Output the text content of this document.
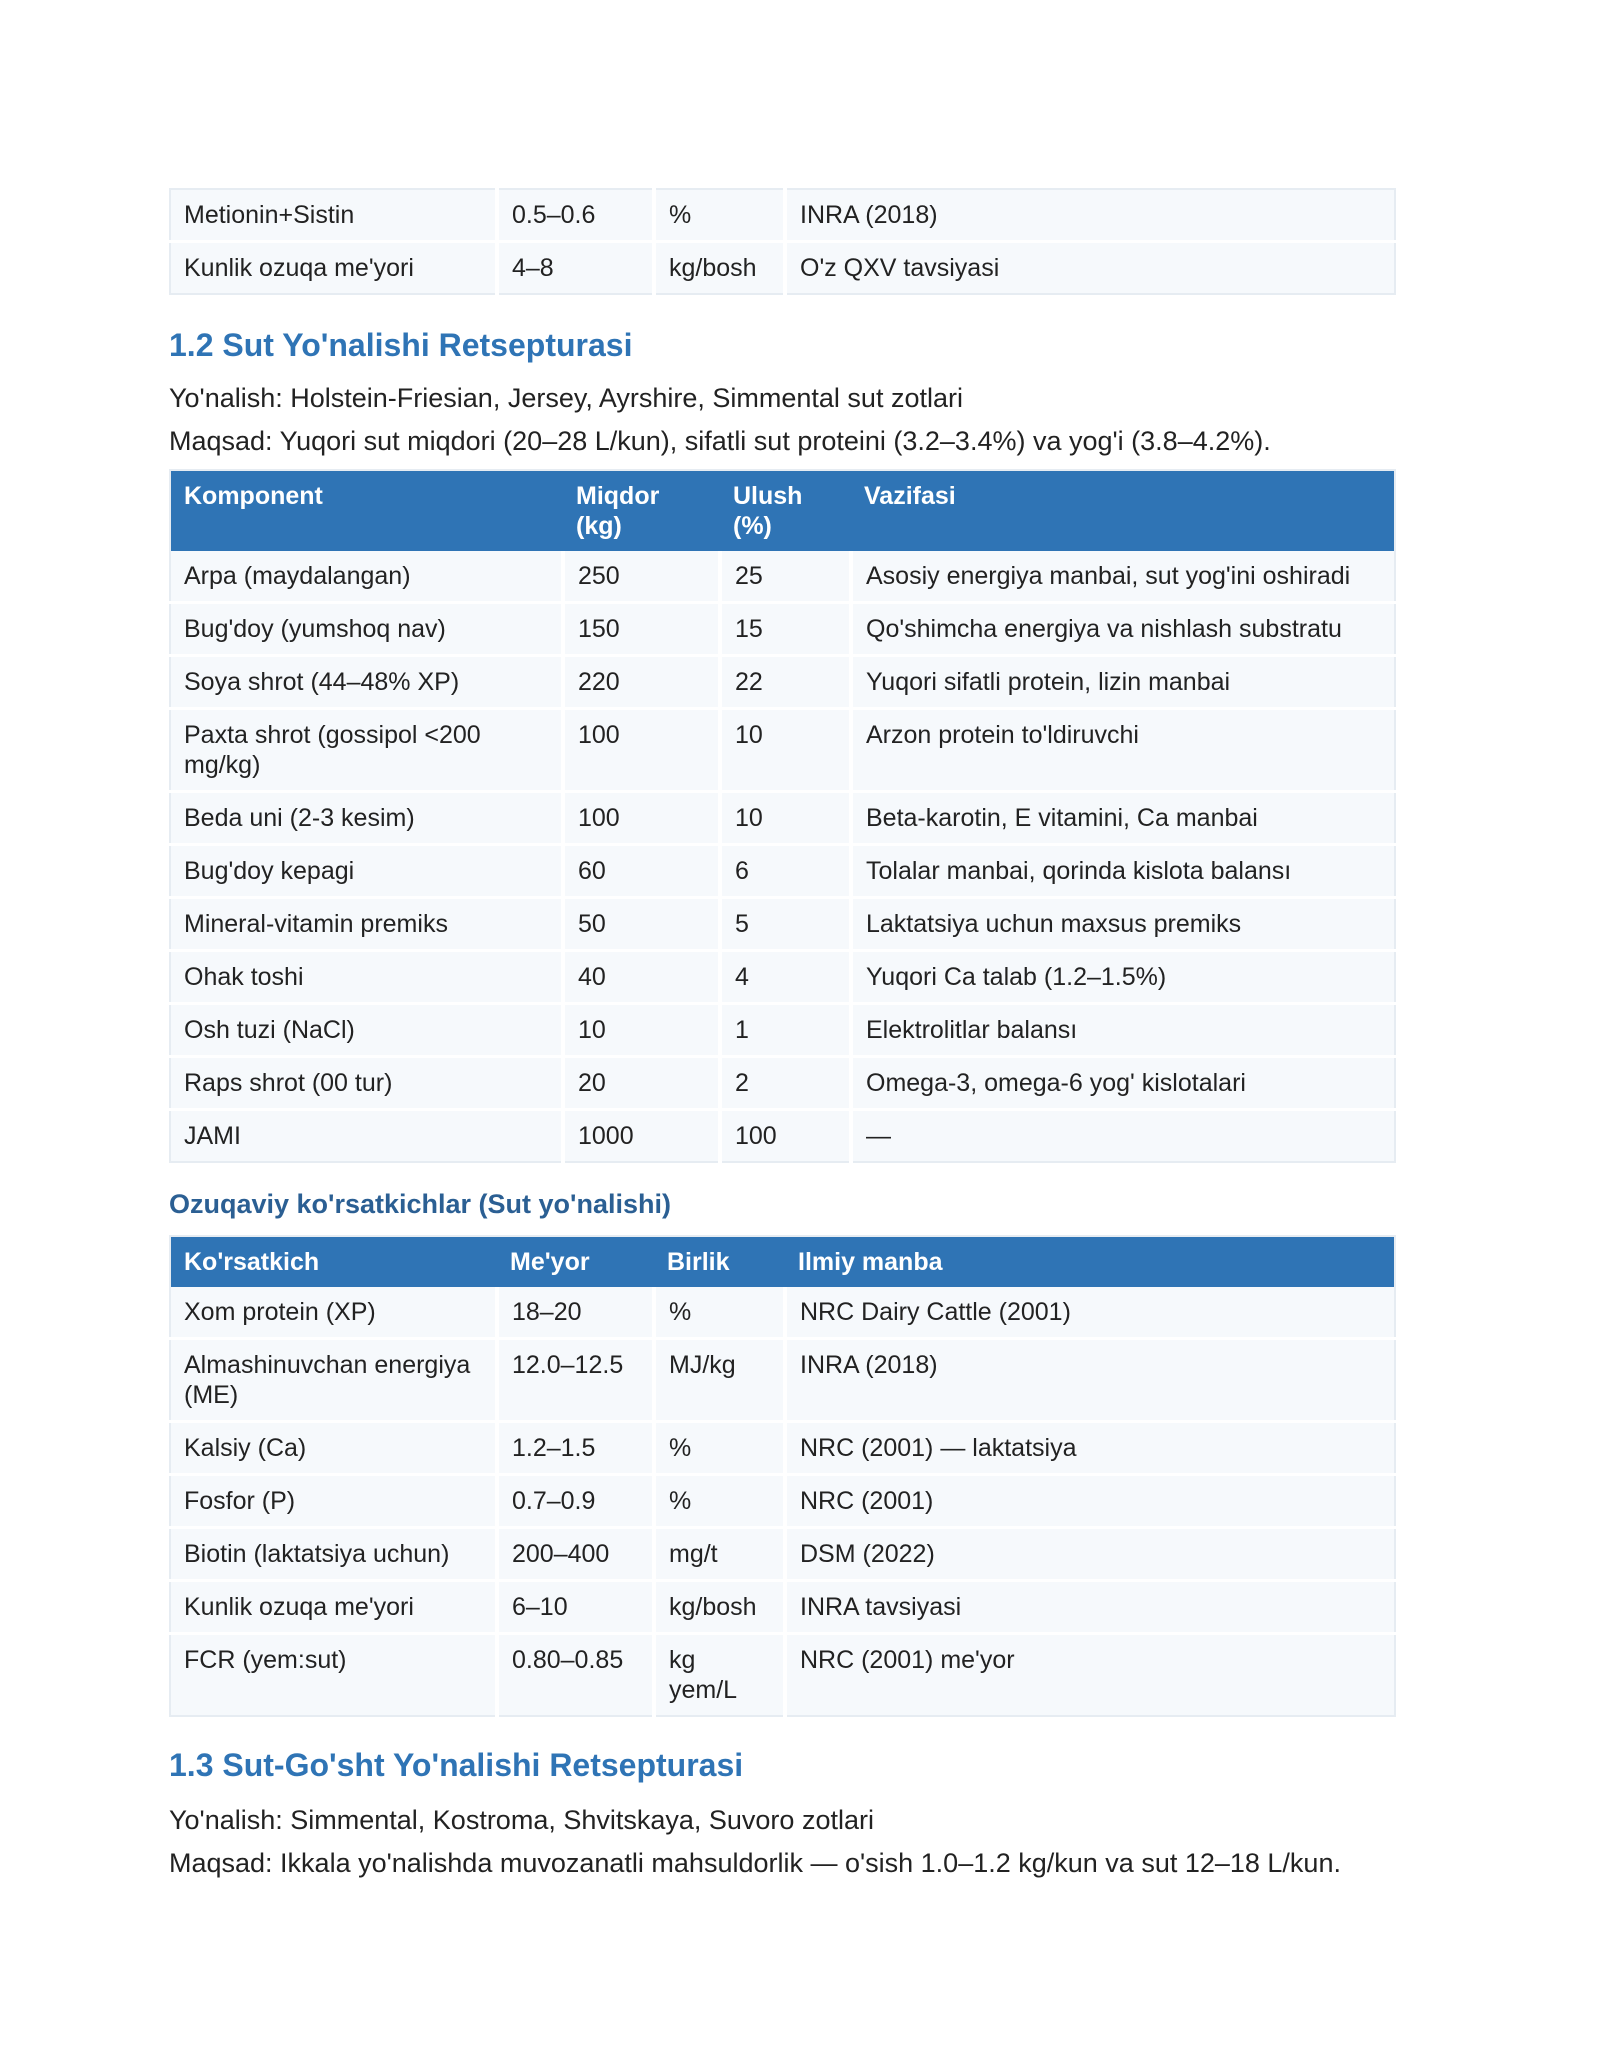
Metionin+Sistin	0.5–0.6	%	INRA (2018)
Kunlik ozuqa me'yori	4–8	kg/bosh	O'z QXV tavsiyasi
1.2 Sut Yo'nalishi Retsepturasi

Yo'nalish: Holstein-Friesian, Jersey, Ayrshire, Simmental sut zotlari

Maqsad: Yuqori sut miqdori (20–28 L/kun), sifatli sut proteini (3.2–3.4%) va yog'i (3.8–4.2%).

Komponent	Miqdor (kg)	Ulush (%)	Vazifasi
Arpa (maydalangan)	250	25	Asosiy energiya manbai, sut yog'ini oshiradi
Bug'doy (yumshoq nav)	150	15	Qo'shimcha energiya va nishlash substratu
Soya shrot (44–48% XP)	220	22	Yuqori sifatli protein, lizin manbai
Paxta shrot (gossipol <200 mg/kg)	100	10	Arzon protein to'ldiruvchi
Beda uni (2-3 kesim)	100	10	Beta-karotin, E vitamini, Ca manbai
Bug'doy kepagi	60	6	Tolalar manbai, qorinda kislota balansı
Mineral-vitamin premiks	50	5	Laktatsiya uchun maxsus premiks
Ohak toshi	40	4	Yuqori Ca talab (1.2–1.5%)
Osh tuzi (NaCl)	10	1	Elektrolitlar balansı
Raps shrot (00 tur)	20	2	Omega-3, omega-6 yog' kislotalari
JAMI	1000	100	—
Ozuqaviy ko'rsatkichlar (Sut yo'nalishi)
Ko'rsatkich	Me'yor	Birlik	Ilmiy manba
Xom protein (XP)	18–20	%	NRC Dairy Cattle (2001)
Almashinuvchan energiya (ME)	12.0–12.5	MJ/kg	INRA (2018)
Kalsiy (Ca)	1.2–1.5	%	NRC (2001) — laktatsiya
Fosfor (P)	0.7–0.9	%	NRC (2001)
Biotin (laktatsiya uchun)	200–400	mg/t	DSM (2022)
Kunlik ozuqa me'yori	6–10	kg/bosh	INRA tavsiyasi
FCR (yem:sut)	0.80–0.85	kg yem/L	NRC (2001) me'yor
1.3 Sut-Go'sht Yo'nalishi Retsepturasi

Yo'nalish: Simmental, Kostroma, Shvitskaya, Suvoro zotlari

Maqsad: Ikkala yo'nalishda muvozanatli mahsuldorlik — o'sish 1.0–1.2 kg/kun va sut 12–18 L/kun.
